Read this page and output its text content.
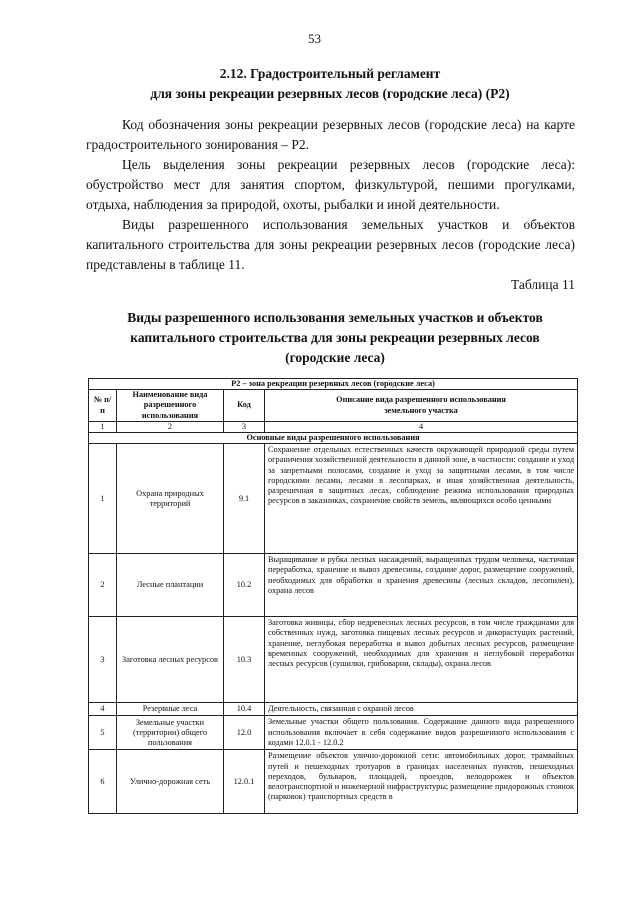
53
2.12. Градостроительный регламент
для зоны рекреации резервных лесов (городские леса) (Р2)

Код обозначения зоны рекреации резервных лесов (городские леса) на карте градостроительного зонирования – Р2.

Цель выделения зоны рекреации резервных лесов (городские леса): обустройство мест для занятия спортом, физкультурой, пешими прогулками, отдыха, наблюдения за природой, охоты, рыбалки и иной деятельности.

Виды разрешенного использования земельных участков и объектов капитального строительства для зоны рекреации резервных лесов (городские леса) представлены в таблице 11.

Таблица 11

Виды разрешенного использования земельных участков и объектов
капитального строительства для зоны рекреации резервных лесов
(городские леса)
Р2 – зона рекреации резервных лесов (городские леса)			
№ п/п	Наименование вида разрешенного использования	Код	Описание вида разрешенного использования земельного участка
1	2	3	4
Основные виды разрешенного использования			
1	Охрана природных территорий	9.1	Сохранение отдельных естественных качеств окружающей природной среды путем ограничения хозяйственной деятельности в данной зоне, в частности: создание и уход за запретными полосами, создание и уход за защитными лесами, в том числе городскими лесами, лесами в лесопарках, и иная хозяйственная деятельность, разрешенная в защитных лесах, соблюдение режима использования природных ресурсов в заказниках, сохранение свойств земель, являющихся особо ценными
2	Лесные плантации	10.2	Выращивание и рубка лесных насаждений, выращенных трудом человека, частичная переработка, хранение и вывоз древесины, создание дорог, размещение сооружений, необходимых для обработки и хранения древесины (лесных складов, лесопилен), охрана лесов
3	Заготовка лесных ресурсов	10.3	Заготовка живицы, сбор недревесных лесных ресурсов, в том числе гражданами для собственных нужд, заготовка пищевых лесных ресурсов и дикорастущих растений, хранение, неглубокая переработка и вывоз добытых лесных ресурсов, размещение временных сооружений, необходимых для хранения и неглубокой переработки лесных ресурсов (сушилки, грибоварни, склады), охрана лесов
4	Резервные леса	10.4	Деятельность, связанная с охраной лесов
5	Земельные участки (территории) общего пользования	12.0	Земельные участки общего пользования. Содержание данного вида разрешенного использования включает в себя содержание видов разрешенного использования с кодами 12.0.1 - 12.0.2
6	Улично-дорожная сеть	12.0.1	Размещение объектов улично-дорожной сети: автомобильных дорог, трамвайных путей и пешеходных тротуаров в границах населенных пунктов, пешеходных переходов, бульваров, площадей, проездов, велодорожек и объектов велотранспортной и инженерной инфраструктуры; размещение придорожных стоянок (парковок) транспортных средств в
